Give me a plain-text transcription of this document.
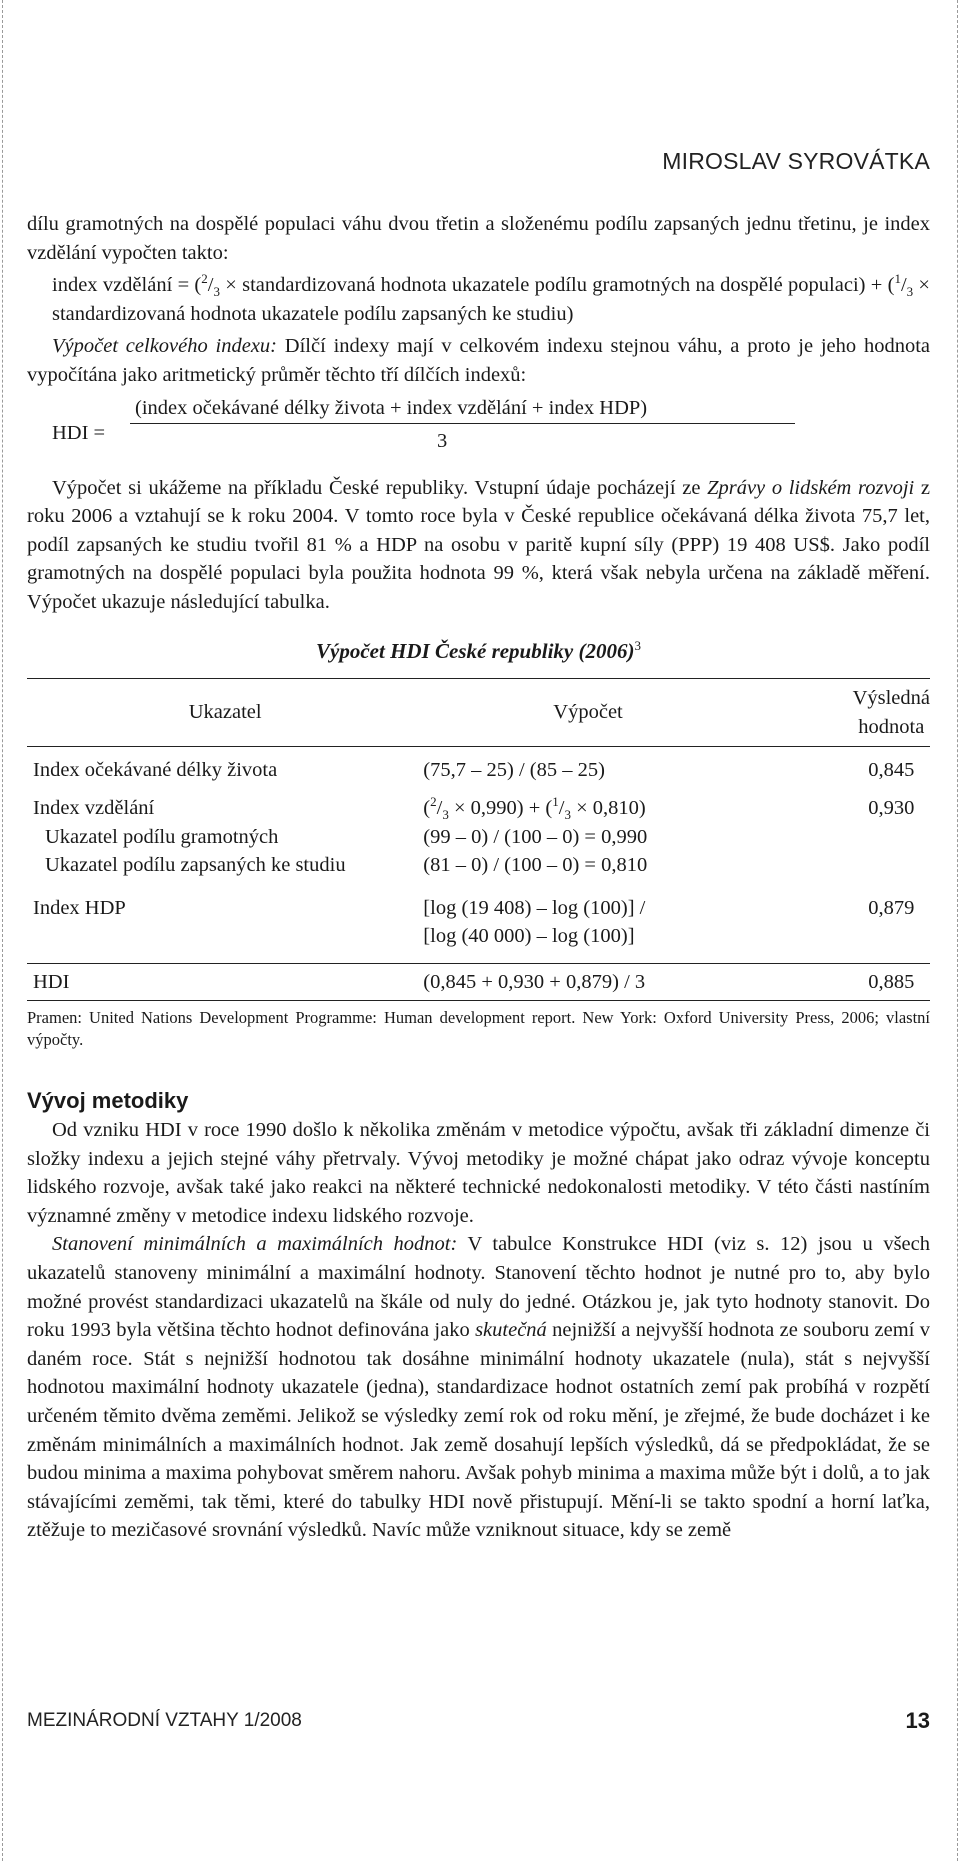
MIROSLAV SYROVÁTKA

dílu gramotných na dospělé populaci váhu dvou třetin a složenému podílu zapsaných jednu třetinu, je index vzdělání vypočten takto:

index vzdělání = ($^2/_3$ × standardizovaná hodnota ukazatele podílu gramotných na dospělé populaci) + ($^1/_3$ × standardizovaná hodnota ukazatele podílu zapsaných ke studiu)

Výpočet celkového indexu: Dílčí indexy mají v celkovém indexu stejnou váhu, a proto je jeho hodnota vypočítána jako aritmetický průměr těchto tří dílčích indexů:

HDI =
(index očekávané délky života + index vzdělání + index HDP)
3

Výpočet si ukážeme na příkladu České republiky. Vstupní údaje pocházejí ze Zprávy o lidském rozvoji z roku 2006 a vztahují se k roku 2004. V tomto roce byla v České republice očekávaná délka života 75,7 let, podíl zapsaných ke studiu tvořil 81 % a HDP na osobu v paritě kupní síly (PPP) 19 408 US$. Jako podíl gramotných na dospělé populaci byla použita hodnota 99 %, která však nebyla určena na základě měření. Výpočet ukazuje následující tabulka.

Výpočet HDI České republiky $(2006)^3$
Ukazatel	Výpočet	Výsledná hodnota
Index očekávané délky života	(75,7 – 25) / (85 – 25)	0,845
Index vzdělání	$(^2/_3 \times 0,990) + (^1/_3 \times 0,810)$	0,930
Ukazatel podílu gramotných	(99 – 0) / (100 – 0) = 0,990	
Ukazatel podílu zapsaných ke studiu	(81 – 0) / (100 – 0) = 0,810	
Index HDP	[log (19 408) – log (100)] /
[log (40 000) – log (100)]	0,879

HDI	(0,845 + 0,930 + 0,879) / 3	0,885

Pramen: United Nations Development Programme: Human development report. New York: Oxford University Press, 2006; vlastní výpočty.

Vývoj metodiky

Od vzniku HDI v roce 1990 došlo k několika změnám v metodice výpočtu, avšak tři základní dimenze či složky indexu a jejich stejné váhy přetrvaly. Vývoj metodiky je možné chápat jako odraz vývoje konceptu lidského rozvoje, avšak také jako reakci na některé technické nedokonalosti metodiky. V této části nastíním významné změny v metodice indexu lidského rozvoje.

Stanovení minimálních a maximálních hodnot: V tabulce Konstrukce HDI (viz s. 12) jsou u všech ukazatelů stanoveny minimální a maximální hodnoty. Stanovení těchto hodnot je nutné pro to, aby bylo možné provést standardizaci ukazatelů na škále od nuly do jedné. Otázkou je, jak tyto hodnoty stanovit. Do roku 1993 byla většina těchto hodnot definována jako skutečná nejnižší a nejvyšší hodnota ze souboru zemí v daném roce. Stát s nejnižší hodnotou tak dosáhne minimální hodnoty ukazatele (nula), stát s nejvyšší hodnotou maximální hodnoty ukazatele (jedna), standardizace hodnot ostatních zemí pak probíhá v rozpětí určeném těmito dvěma zeměmi. Jelikož se výsledky zemí rok od roku mění, je zřejmé, že bude docházet i ke změnám minimálních a maximálních hodnot. Jak země dosahují lepších výsledků, dá se předpokládat, že se budou minima a maxima pohybovat směrem nahoru. Avšak pohyb minima a maxima může být i dolů, a to jak stávajícími zeměmi, tak těmi, které do tabulky HDI nově přistupují. Mění-li se takto spodní a horní laťka, ztěžuje to mezičasové srovnání výsledků. Navíc může vzniknout situace, kdy se země

MEZINÁRODNÍ VZTAHY 1/2008	13
